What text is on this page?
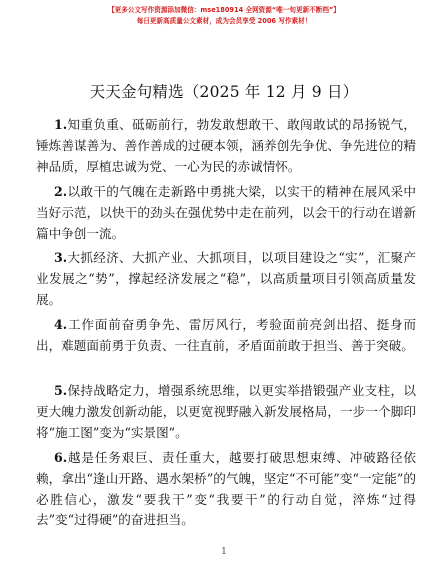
【更多公文写作资源添加微信：mse180914 全网资源“唯一旬更新不断档”】
每日更新高质量公文素材，成为会员享受 2006 写作素材！
天天金句精选（2025 年 12 月 9 日）
1.知重负重、砥砺前行，勃发敢想敢干、敢闯敢试的昂扬锐气，锤炼善谋善为、善作善成的过硬本领，涵养创先争优、争先进位的精神品质，厚植忠诚为党、一心为民的赤诚情怀。
2.以敢干的气魄在走新路中勇挑大梁，以实干的精神在展风采中当好示范，以快干的劲头在强优势中走在前列，以会干的行动在谱新篇中争创一流。
3.大抓经济、大抓产业、大抓项目，以项目建设之“实”，汇聚产业发展之“势”，撑起经济发展之“稳”，以高质量项目引领高质量发展。
4.工作面前奋勇争先、雷厉风行，考验面前亮剑出招、挺身而出，难题面前勇于负责、一往直前，矛盾面前敢于担当、善于突破。
5.保持战略定力，增强系统思维，以更实举措锻强产业支柱，以更大魄力激发创新动能，以更宽视野融入新发展格局，一步一个脚印将“施工图”变为“实景图”。
6.越是任务艰巨、责任重大，越要打破思想束缚、冲破路径依赖，拿出“逢山开路、遇水架桥”的气魄，坚定“不可能”变“一定能”的必胜信心，激发“要我干”变“我要干”的行动自觉，淬炼“过得去”变“过得硬”的奋进担当。
1
